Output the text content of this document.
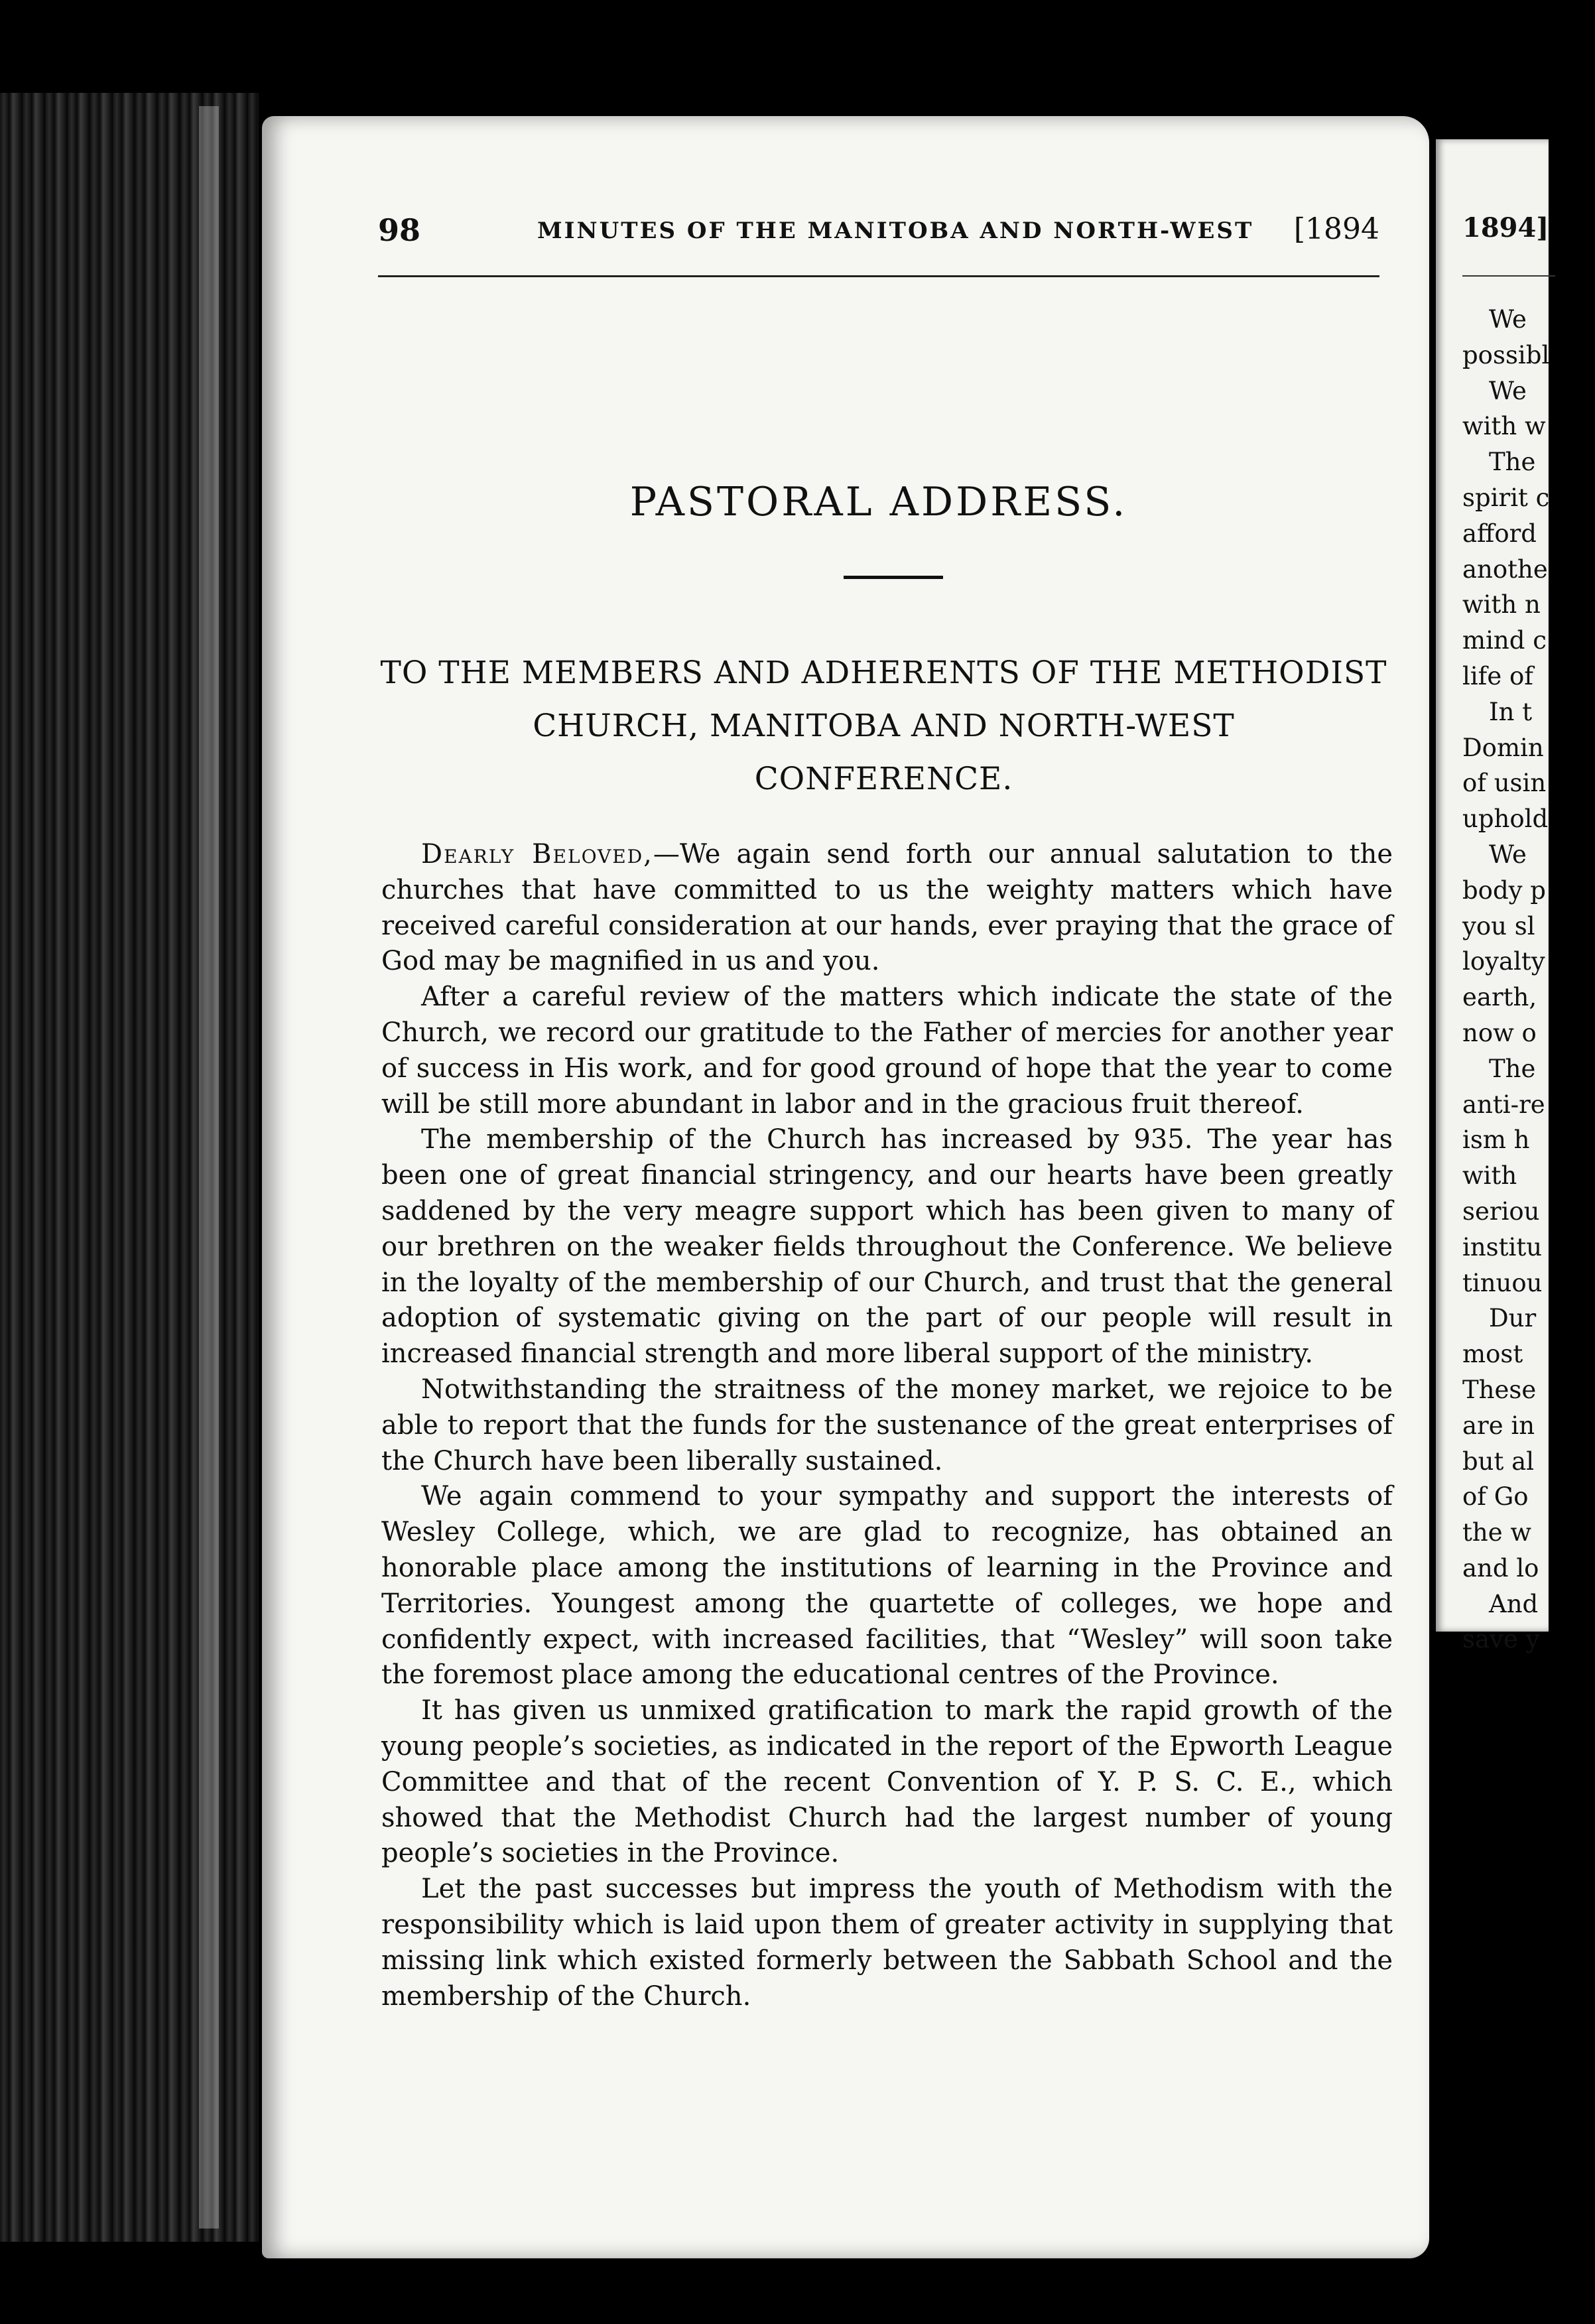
98	MINUTES OF THE MANITOBA AND NORTH-WEST [1894
PASTORAL ADDRESS.
TO THE MEMBERS AND ADHERENTS OF THE METHODIST
CHURCH, MANITOBA AND NORTH-WEST
CONFERENCE.

Dearly Beloved,—We again send forth our annual salutation to the churches that have committed to us the weighty matters which have received careful consideration at our hands, ever praying that the grace of God may be magnified in us and you.

After a careful review of the matters which indicate the state of the Church, we record our gratitude to the Father of mercies for another year of success in His work, and for good ground of hope that the year to come will be still more abundant in labor and in the gracious fruit thereof.

The membership of the Church has increased by 935. The year has been one of great financial stringency, and our hearts have been greatly saddened by the very meagre support which has been given to many of our brethren on the weaker fields throughout the Conference. We believe in the loyalty of the membership of our Church, and trust that the general adoption of systematic giving on the part of our people will result in increased financial strength and more liberal support of the ministry.

Notwithstanding the straitness of the money market, we rejoice to be able to report that the funds for the sustenance of the great enterprises of the Church have been liberally sustained.

We again commend to your sympathy and support the interests of Wesley College, which, we are glad to recognize, has obtained an honorable place among the institutions of learning in the Province and Territories. Youngest among the quartette of colleges, we hope and confidently expect, with increased facilities, that “Wesley” will soon take the foremost place among the educational centres of the Province.

It has given us unmixed gratification to mark the rapid growth of the young people’s societies, as indicated in the report of the Epworth League Committee and that of the recent Convention of Y. P. S. C. E., which showed that the Methodist Church had the largest number of young people’s societies in the Province.

Let the past successes but impress the youth of Methodism with the responsibility which is laid upon them of greater activity in supplying that missing link which existed formerly between the Sabbath School and the membership of the Church.

1894]
We
possibl
We
with w
The
spirit c
afford
anothe
with n
mind c
life of
In t
Domin
of usin
uphold
We
body p
you sl
loyalty
earth,
now o
The
anti-re
ism h
with
seriou
institu
tinuou
Dur
most
These
are in
but al
of Go
the w
and lo
And
save y
